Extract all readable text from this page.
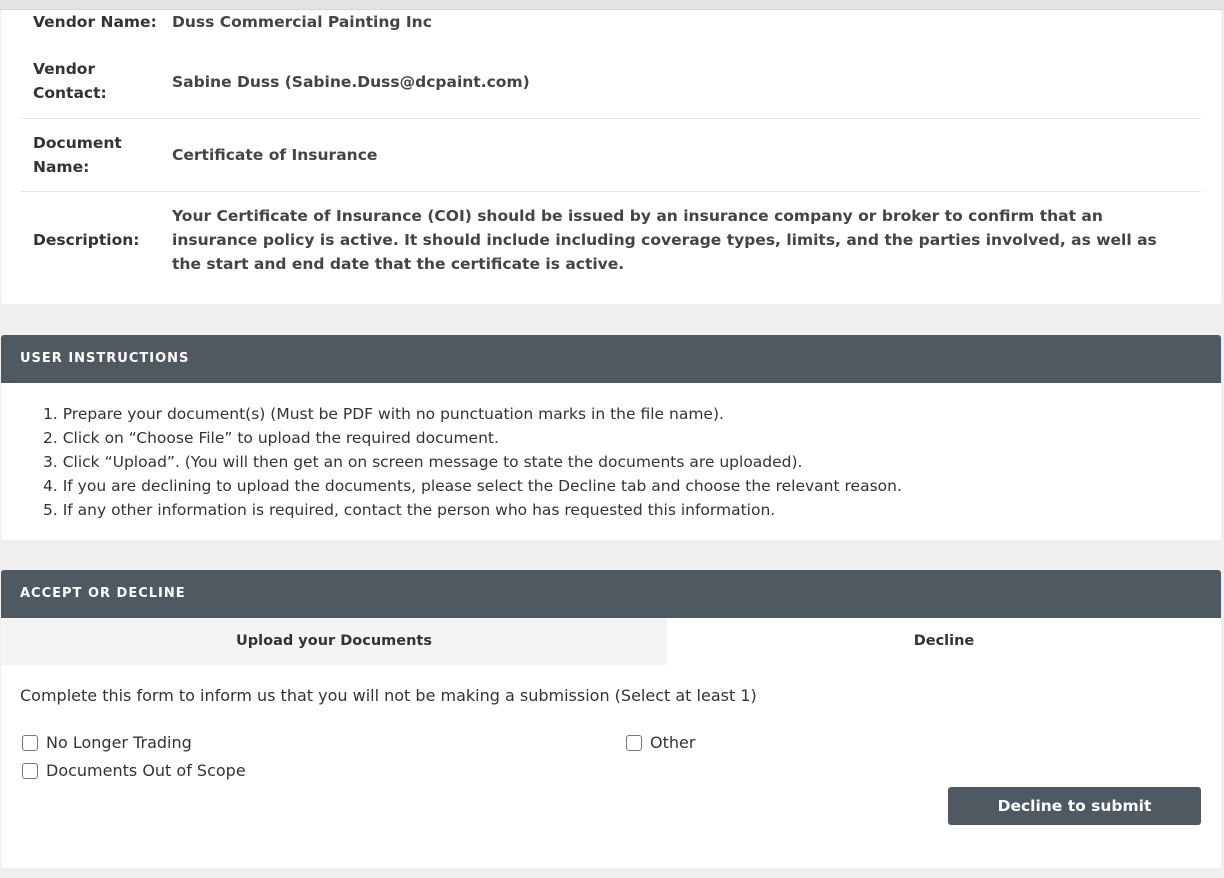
Vendor Name: Duss Commercial Painting Inc
Vendor Contact:
Sabine Duss (Sabine.Duss@dcpaint.com)
Document Name:
Certificate of Insurance
Description:
Your Certificate of Insurance (COI) should be issued by an insurance company or broker to confirm that an insurance policy is active. It should include including coverage types, limits, and the parties involved, as well as the start and end date that the certificate is active.
USER INSTRUCTIONS
1. Prepare your document(s) (Must be PDF with no punctuation marks in the file name).
2. Click on “Choose File” to upload the required document.
3. Click “Upload”. (You will then get an on screen message to state the documents are uploaded).
4. If you are declining to upload the documents, please select the Decline tab and choose the relevant reason.
5. If any other information is required, contact the person who has requested this information.
ACCEPT OR DECLINE
Upload your Documents	Decline
Complete this form to inform us that you will not be making a submission (Select at least 1)
No Longer Trading
Documents Out of Scope
Other
Decline to submit documents
